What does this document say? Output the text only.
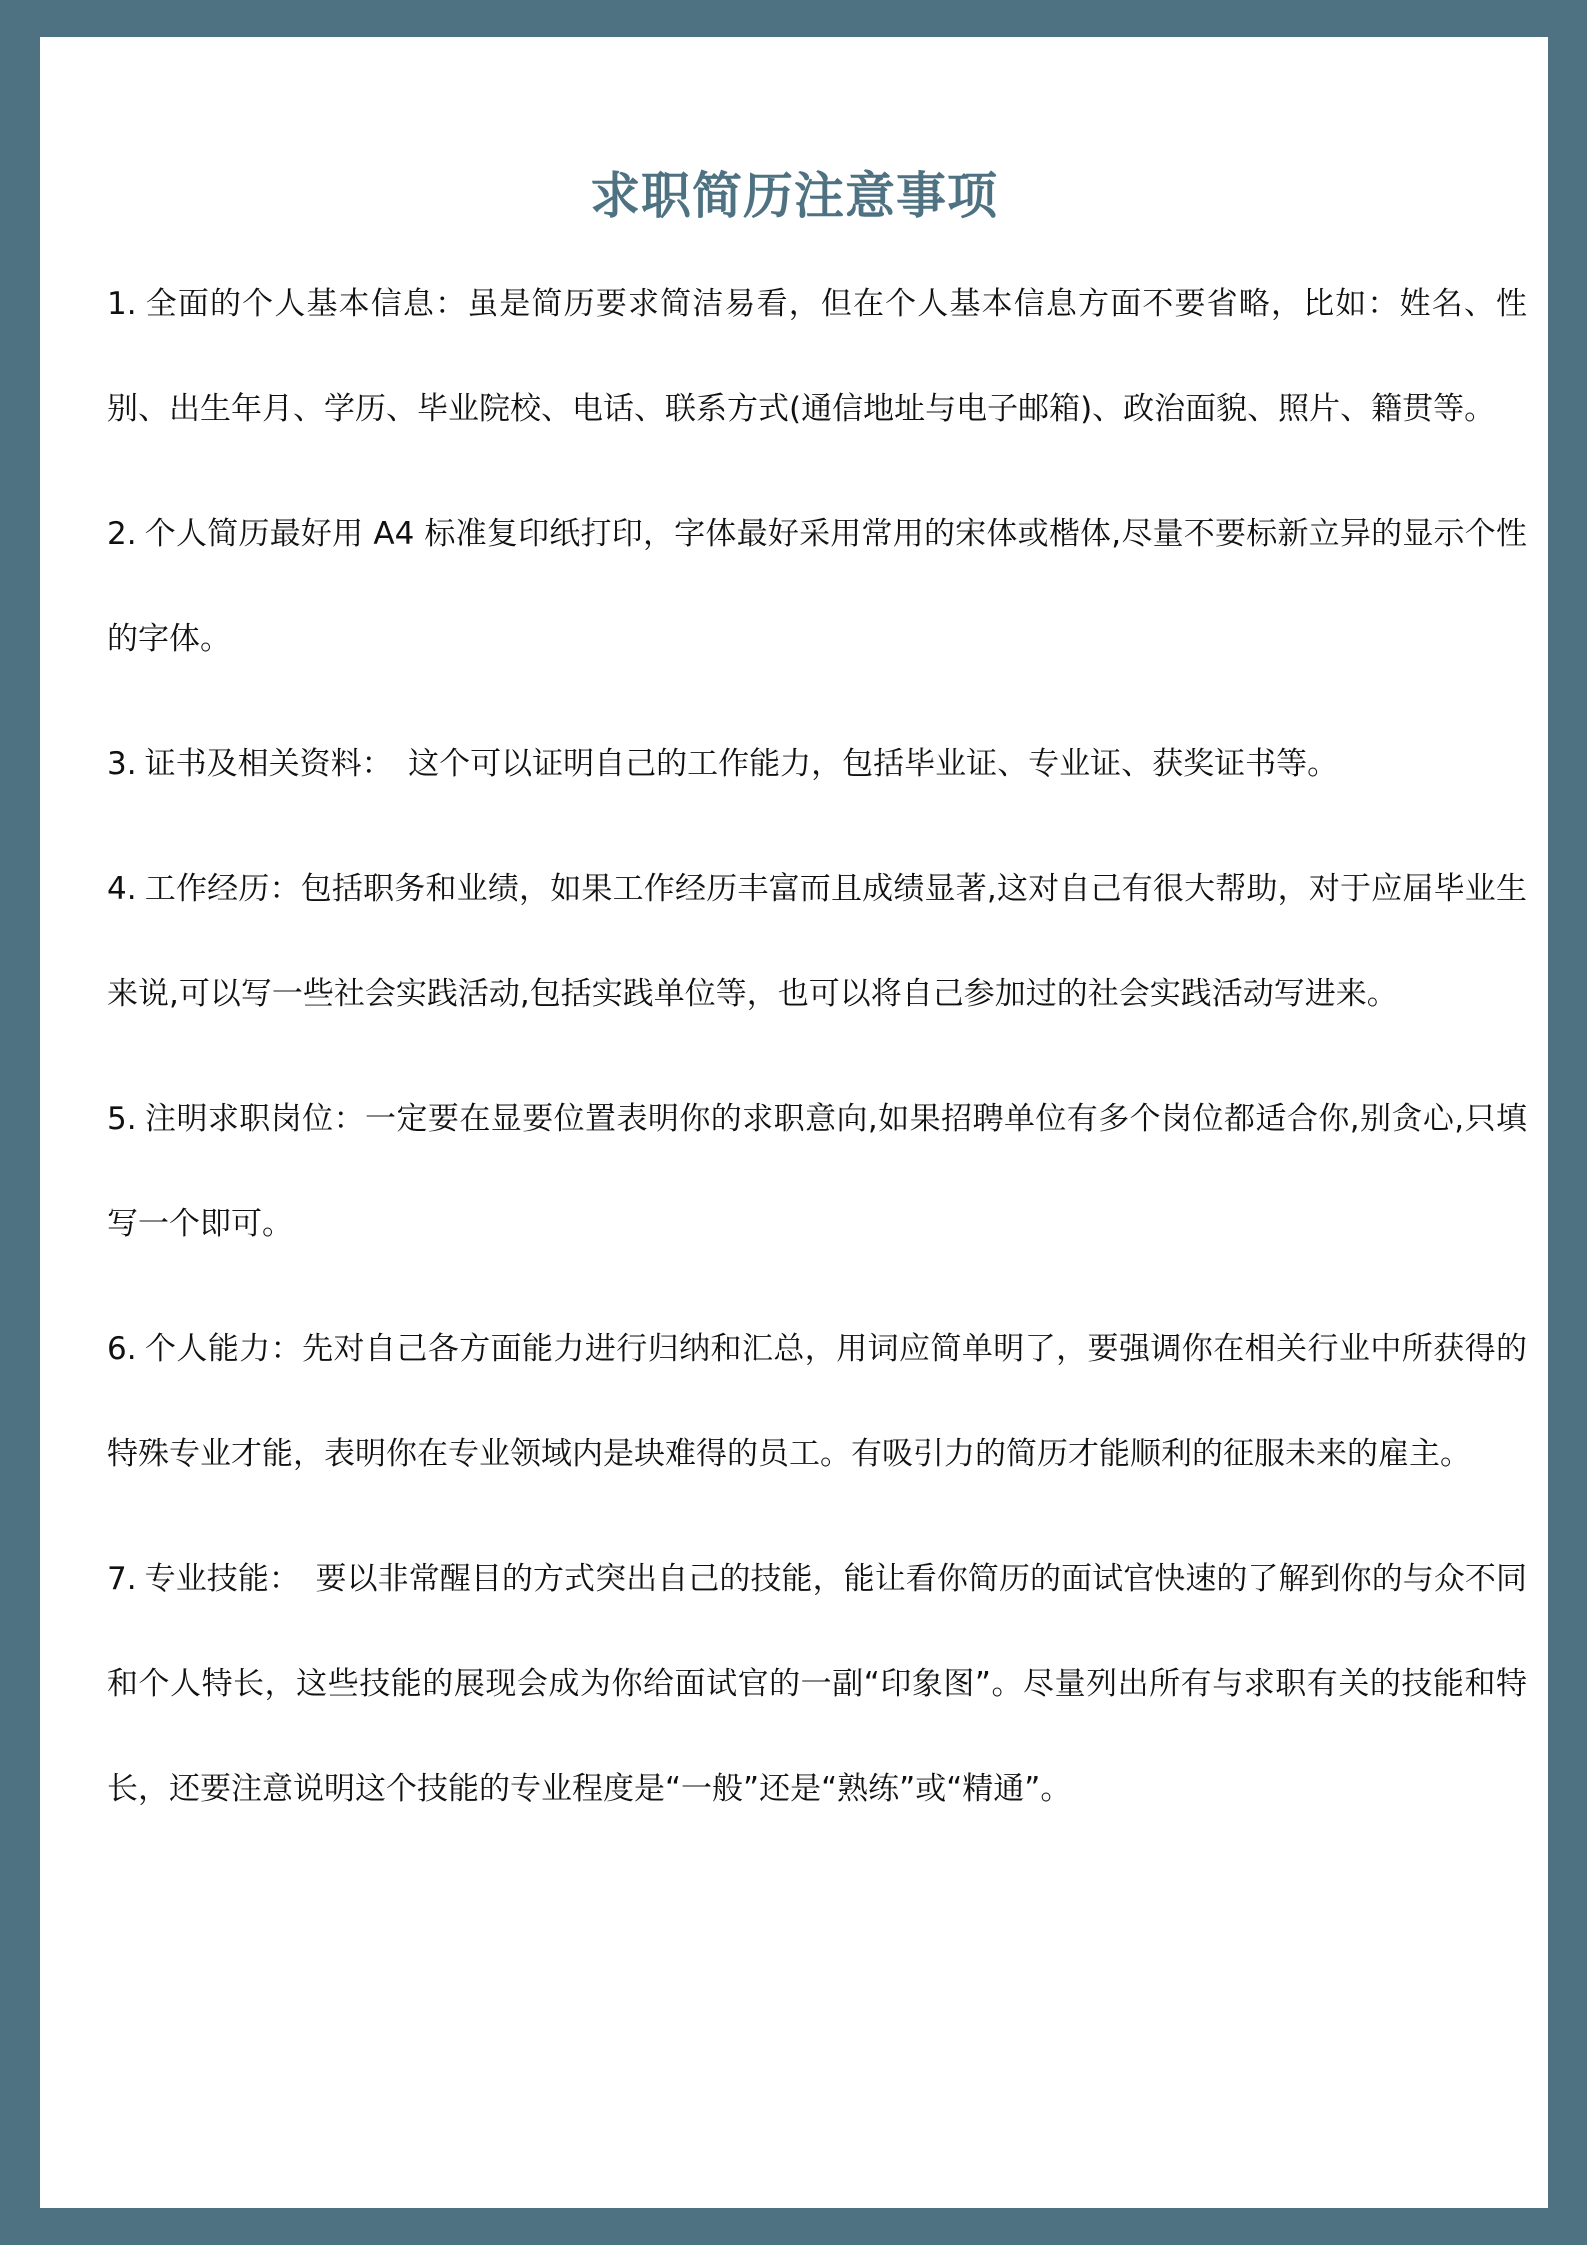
求职简历注意事项

1. 全面的个人基本信息：虽是简历要求简洁易看，但在个人基本信息方面不要省略，比如：姓名、性别、出生年月、学历、毕业院校、电话、联系方式(通信地址与电子邮箱)、政治面貌、照片、籍贯等。

2. 个人简历最好用 A4 标准复印纸打印，字体最好采用常用的宋体或楷体,尽量不要标新立异的显示个性的字体。

3. 证书及相关资料：　这个可以证明自己的工作能力，包括毕业证、专业证、获奖证书等。

4. 工作经历：包括职务和业绩，如果工作经历丰富而且成绩显著,这对自己有很大帮助，对于应届毕业生来说,可以写一些社会实践活动,包括实践单位等，也可以将自己参加过的社会实践活动写进来。

5. 注明求职岗位：一定要在显要位置表明你的求职意向,如果招聘单位有多个岗位都适合你,别贪心,只填写一个即可。

6. 个人能力：先对自己各方面能力进行归纳和汇总，用词应简单明了，要强调你在相关行业中所获得的特殊专业才能，表明你在专业领域内是块难得的员工。有吸引力的简历才能顺利的征服未来的雇主。

7. 专业技能：　要以非常醒目的方式突出自己的技能，能让看你简历的面试官快速的了解到你的与众不同和个人特长，这些技能的展现会成为你给面试官的一副“印象图”。尽量列出所有与求职有关的技能和特长，还要注意说明这个技能的专业程度是“一般”还是“熟练”或“精通”。
